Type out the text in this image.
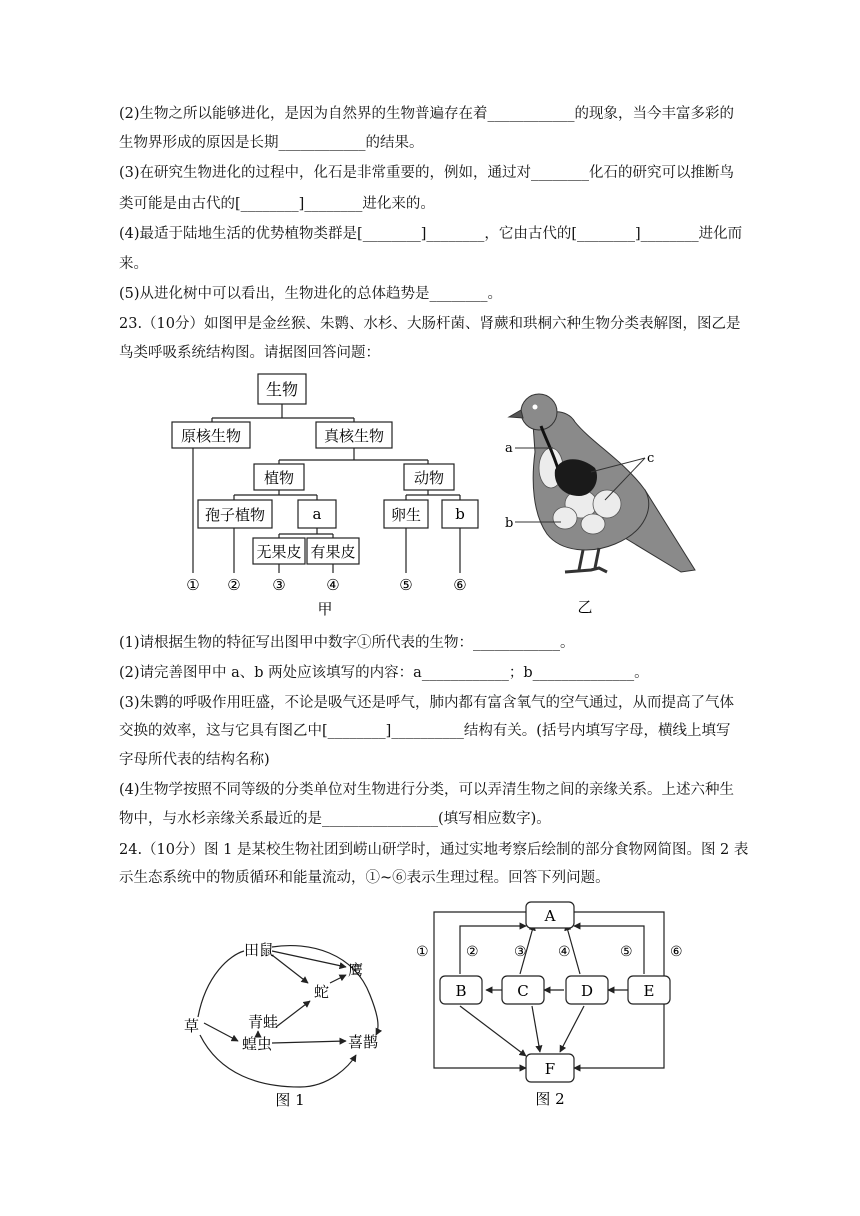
(2)生物之所以能够进化，是因为自然界的生物普遍存在着____________的现象，当今丰富多彩的
生物界形成的原因是长期____________的结果。
(3)在研究生物进化的过程中，化石是非常重要的，例如，通过对________化石的研究可以推断鸟
类可能是由古代的[________]________进化来的。
(4)最适于陆地生活的优势植物类群是[________]________，它由古代的[________]________进化而
来。
(5)从进化树中可以看出，生物进化的总体趋势是________。
23.（10分）如图甲是金丝猴、朱鹮、水杉、大肠杆菌、肾蕨和珙桐六种生物分类表解图，图乙是
鸟类呼吸系统结构图。请据图回答问题：
生物
原核生物	真核生物
植物	动物
孢子植物	a	卵生 b
无果皮 有果皮
① ② ③	④	⑤	⑥
甲
a
b
c
乙
(1)请根据生物的特征写出图甲中数字①所代表的生物：____________。
(2)请完善图甲中 a、b 两处应该填写的内容：a____________；b______________。
(3)朱鹮的呼吸作用旺盛，不论是吸气还是呼气，肺内都有富含氧气的空气通过，从而提高了气体
交换的效率，这与它具有图乙中[________]__________结构有关。(括号内填写字母，横线上填写
字母所代表的结构名称)
(4)生物学按照不同等级的分类单位对生物进行分类，可以弄清生物之间的亲缘关系。上述六种生
物中，与水杉亲缘关系最近的是________________(填写相应数字)。
24.（10分）图 1 是某校生物社团到崂山研学时，通过实地考察后绘制的部分食物网简图。图 2 表
示生态系统中的物质循环和能量流动，①~⑥表示生理过程。回答下列问题。
田鼠
鹰
蛇
青蛙
草
蝗虫	喜鹊
图 1
A
B	C	D	E
F
①	②	③ ④	⑤	⑥
图 2
